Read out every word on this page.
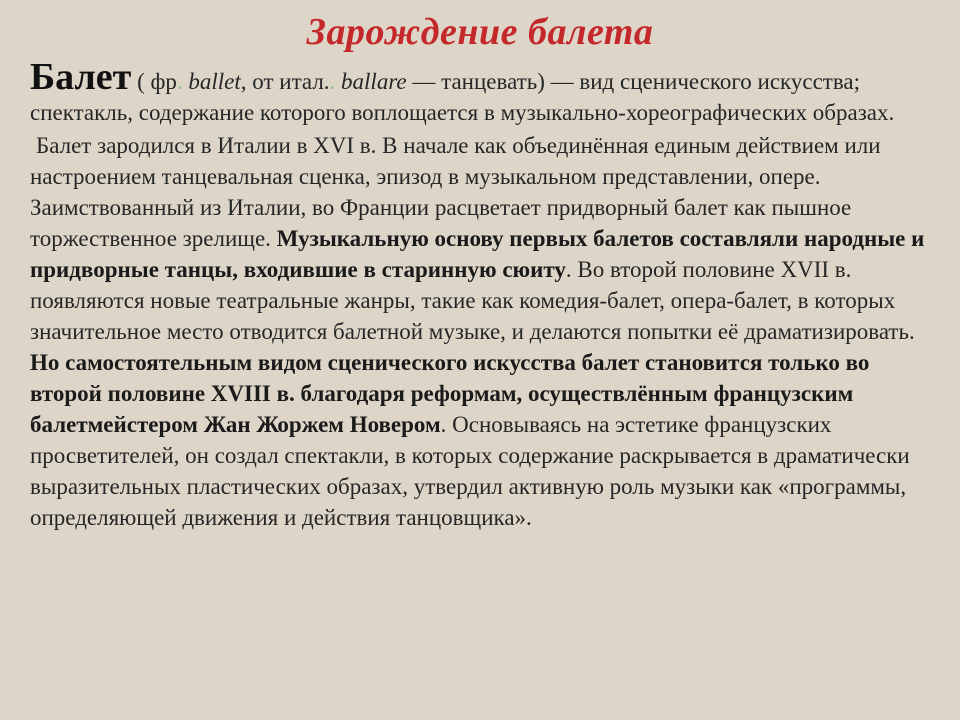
Зарождение балета
Балет ( фр. ballet, от итал.. ballare — танцевать) — вид сценического искусства; спектакль, содержание которого воплощается в музыкально-хореографических образах.
Балет зародился в Италии в XVI в. В начале как объединённая единым действием или настроением танцевальная сценка, эпизод в музыкальном представлении, опере. Заимствованный из Италии, во Франции расцветает придворный балет как пышное торжественное зрелище. Музыкальную основу первых балетов составляли народные и придворные танцы, входившие в старинную сюиту. Во второй половине XVII в. появляются новые театральные жанры, такие как комедия-балет, опера-балет, в которых значительное место отводится балетной музыке, и делаются попытки её драматизировать. Но самостоятельным видом сценического искусства балет становится только во второй половине XVIII в. благодаря реформам, осуществлённым французским балетмейстером Жан Жоржем Новером. Основываясь на эстетике французских просветителей, он создал спектакли, в которых содержание раскрывается в драматически выразительных пластических образах, утвердил активную роль музыки как «программы, определяющей движения и действия танцовщика».
